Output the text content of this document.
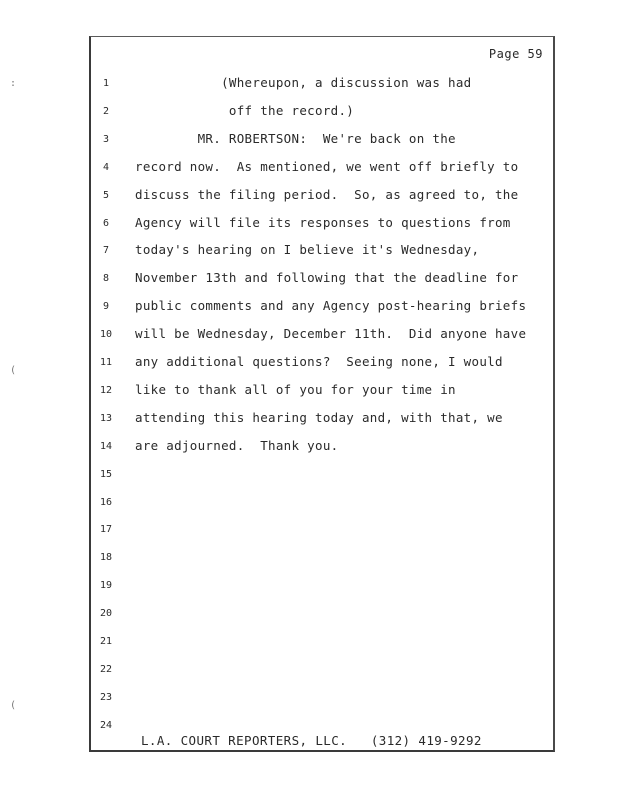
Page 59
1	(Whereupon, a discussion was had
2	off the record.)
3	MR. ROBERTSON:  We're back on the
4	record now.  As mentioned, we went off briefly to
5	discuss the filing period.  So, as agreed to, the
6	Agency will file its responses to questions from
7	today's hearing on I believe it's Wednesday,
8	November 13th and following that the deadline for
9	public comments and any Agency post-hearing briefs
10	will be Wednesday, December 11th.  Did anyone have
11	any additional questions?  Seeing none, I would
12	like to thank all of you for your time in
13	attending this hearing today and, with that, we
14	are adjourned.  Thank you.
15
16
17
18
19
20
21
22
23
24
L.A. COURT REPORTERS, LLC.   (312) 419-9292
:
(
(
